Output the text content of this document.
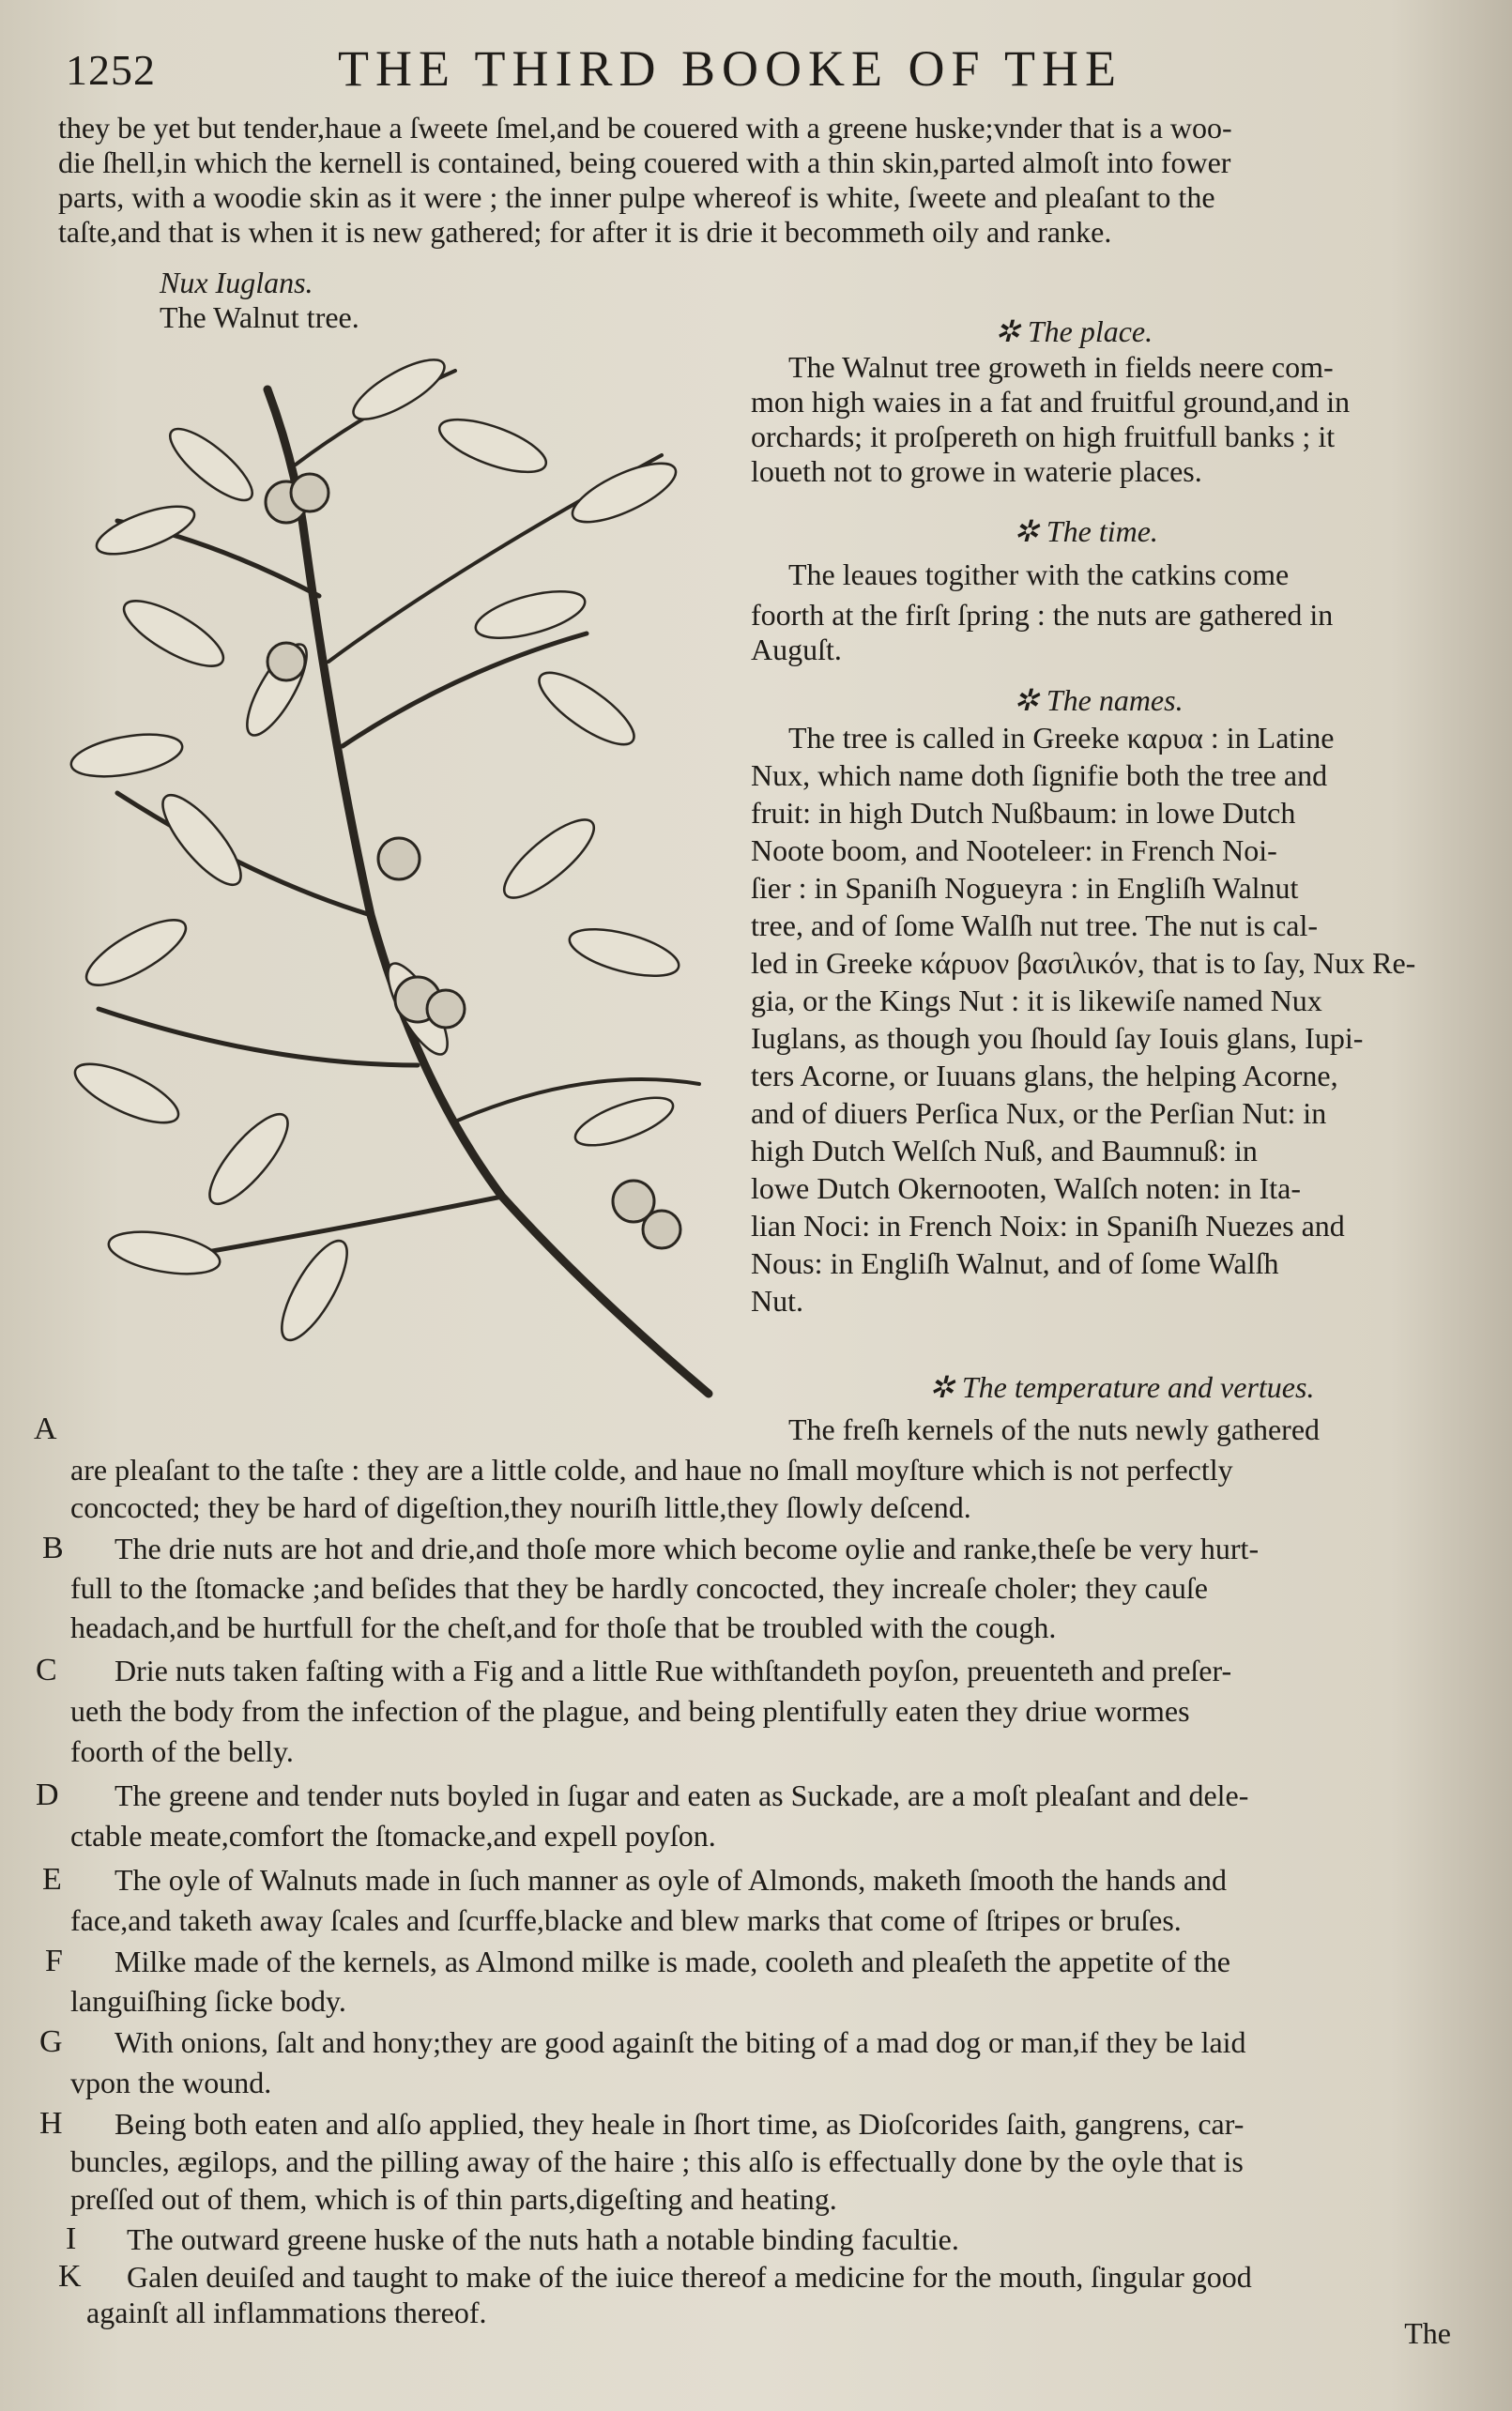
1252	THE THIRD BOOKE OF THE
they be yet but tender,haue a ſweete ſmel,and be couered with a greene huske;vnder that is a woo-
die ſhell,in which the kernell is contained, being couered with a thin skin,parted almoſt into fower
parts, with a woodie skin as it were ; the inner pulpe whereof is white, ſweete and pleaſant to the
taſte,and that is when it is new gathered; for after it is drie it becommeth oily and ranke.
Nux Iuglans.
The Walnut tree.	✲ The place.
The Walnut tree groweth in fields neere com-
mon high waies in a fat and fruitful ground,and in
orchards; it proſpereth on high fruitfull banks ; it
loueth not to growe in waterie places.
✲ The time.
The leaues togither with the catkins come
foorth at the firſt ſpring : the nuts are gathered in
Auguſt.
✲ The names.
The tree is called in Greeke καρυα : in Latine
Nux, which name doth ſignifie both the tree and
fruit: in high Dutch Nußbaum: in lowe Dutch
Noote boom, and Nooteleer: in French Noi-
ſier : in Spaniſh Nogueyra : in Engliſh Walnut
tree, and of ſome Walſh nut tree. The nut is cal-
led in Greeke κάρυον βασιλικόν, that is to ſay, Nux Re-
gia, or the Kings Nut : it is likewiſe named Nux
Iuglans, as though you ſhould ſay Iouis glans, Iupi-
ters Acorne, or Iuuans glans, the helping Acorne,
and of diuers Perſica Nux, or the Perſian Nut: in
high Dutch Welſch Nuß, and Baumnuß: in
lowe Dutch Okernooten, Walſch noten: in Ita-
lian Noci: in French Noix: in Spaniſh Nuezes and
Nous: in Engliſh Walnut, and of ſome Walſh
Nut.
✲ The temperature and vertues.
A	The freſh kernels of the nuts newly gathered
are pleaſant to the taſte : they are a little colde, and haue no ſmall moyſture which is not perfectly
concocted; they be hard of digeſtion,they nouriſh little,they ſlowly deſcend.
B The drie nuts are hot and drie,and thoſe more which become oylie and ranke,theſe be very hurt-
full to the ſtomacke ;and beſides that they be hardly concocted, they increaſe choler; they cauſe
headach,and be hurtfull for the cheſt,and for thoſe that be troubled with the cough.
C Drie nuts taken faſting with a Fig and a little Rue withſtandeth poyſon, preuenteth and preſer-
ueth the body from the infection of the plague, and being plentifully eaten they driue wormes
foorth of the belly.
D The greene and tender nuts boyled in ſugar and eaten as Suckade, are a moſt pleaſant and dele-
ctable meate,comfort the ſtomacke,and expell poyſon.
E The oyle of Walnuts made in ſuch manner as oyle of Almonds, maketh ſmooth the hands and
face,and taketh away ſcales and ſcurffe,blacke and blew marks that come of ſtripes or bruſes.
F Milke made of the kernels, as Almond milke is made, cooleth and pleaſeth the appetite of the
languiſhing ſicke body.
G With onions, ſalt and hony;they are good againſt the biting of a mad dog or man,if they be laid
vpon the wound.
H Being both eaten and alſo applied, they heale in ſhort time, as Dioſcorides ſaith, gangrens, car-
buncles, ægilops, and the pilling away of the haire ; this alſo is effectually done by the oyle that is
preſſed out of them, which is of thin parts,digeſting and heating.
I The outward greene huske of the nuts hath a notable binding facultie.
K Galen deuiſed and taught to make of the iuice thereof a medicine for the mouth, ſingular good
againſt all inflammations thereof.
The
